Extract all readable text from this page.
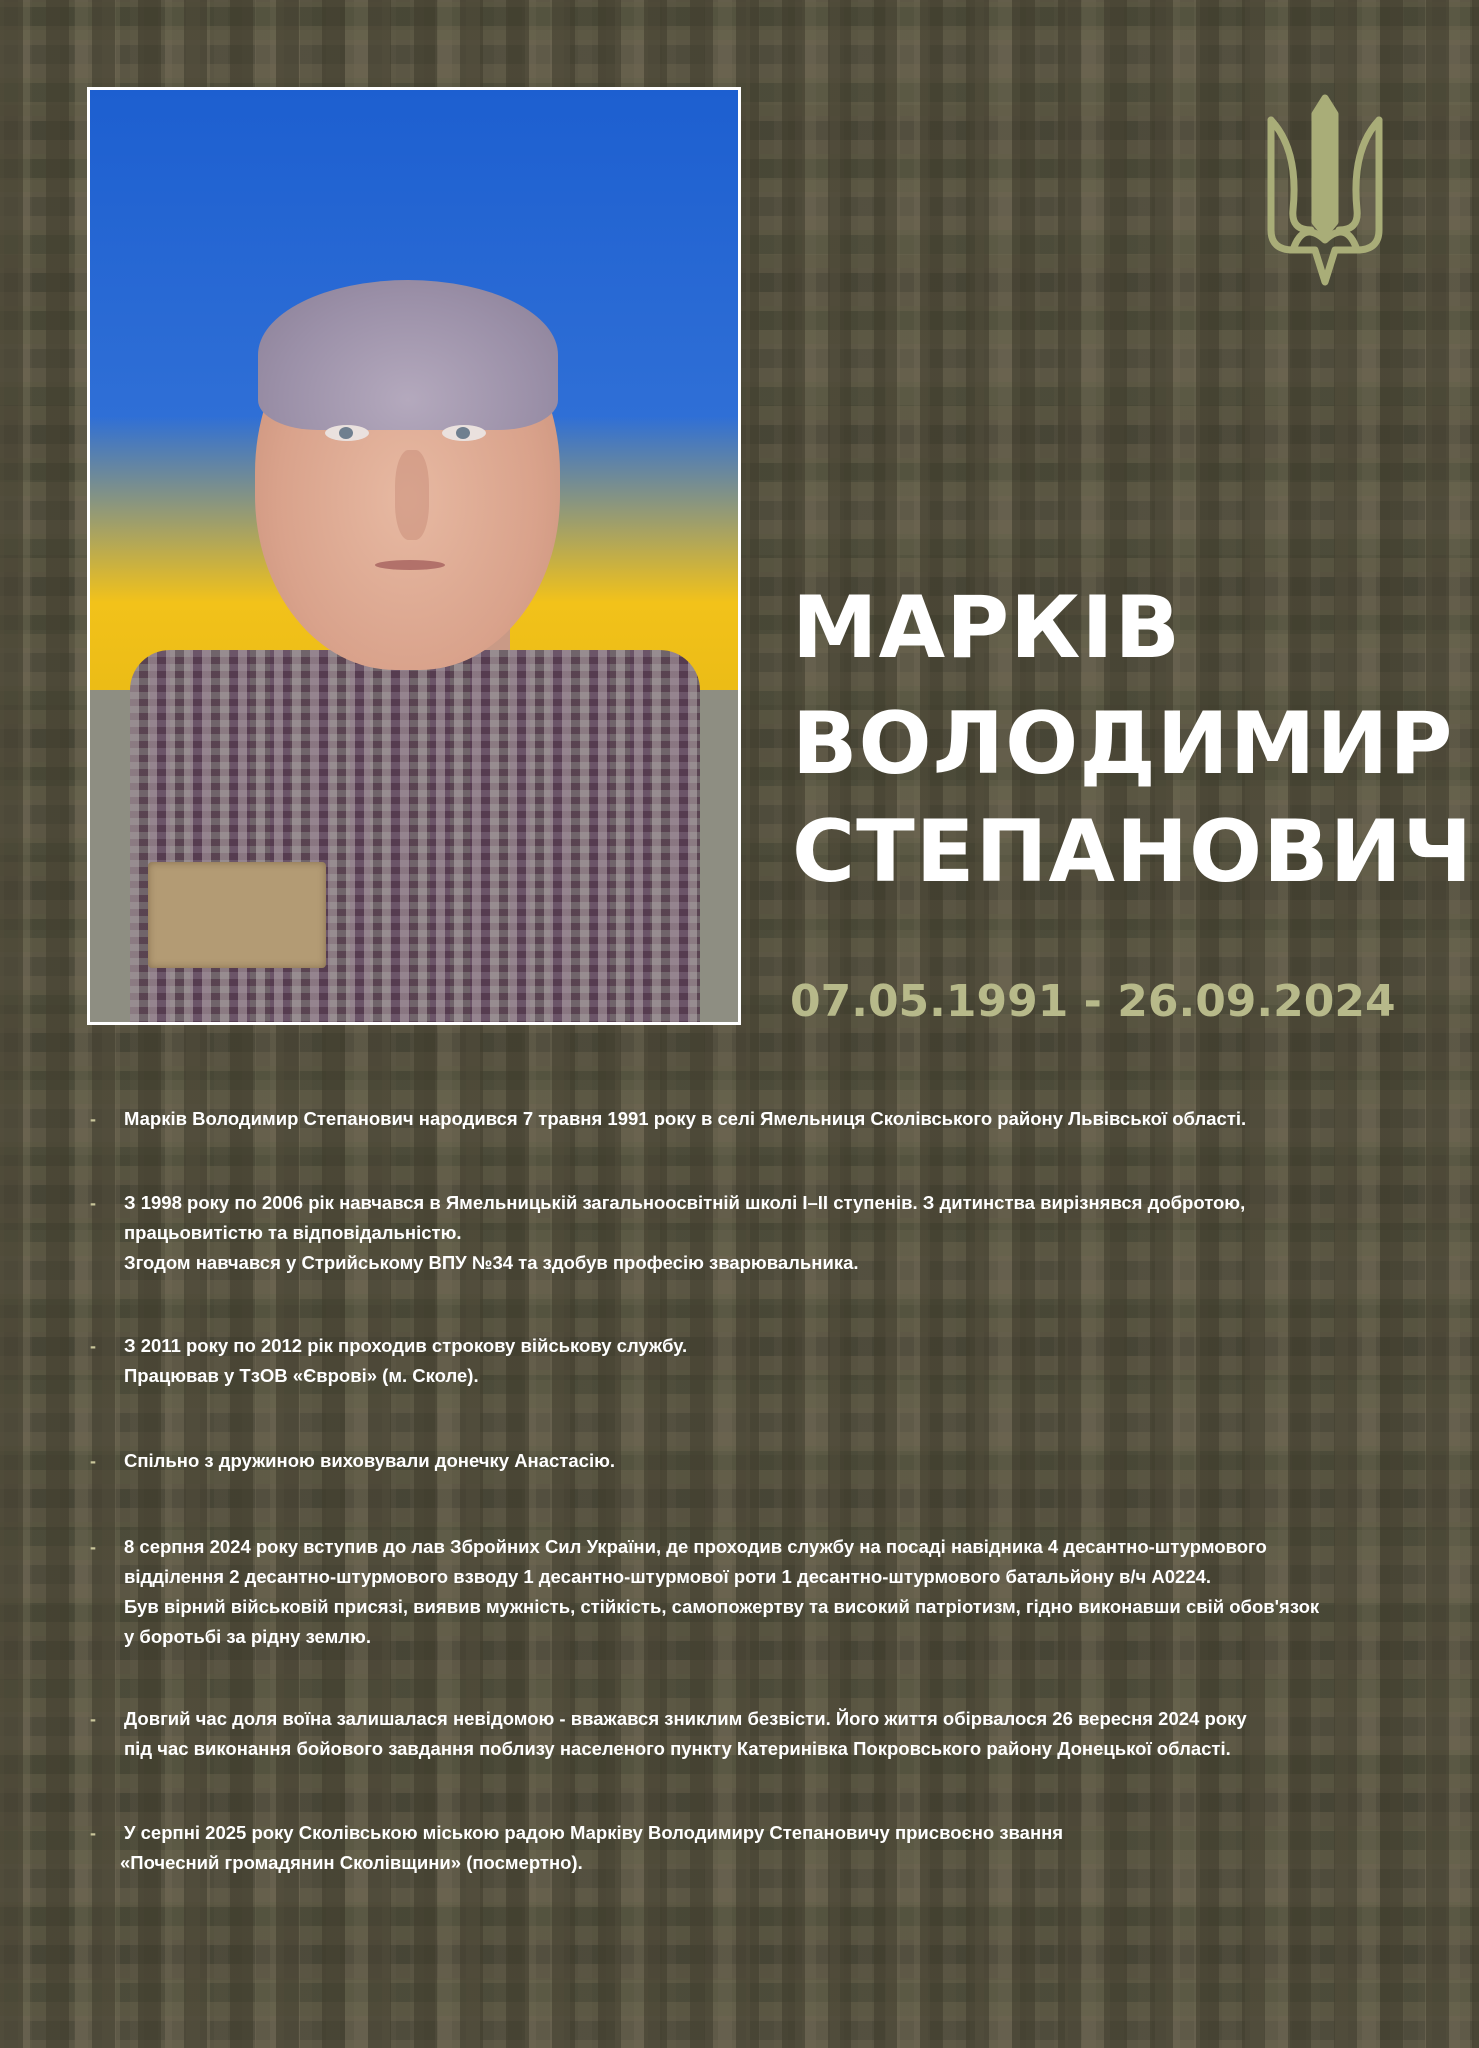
МАРКІВ
ВОЛОДИМИР
СТЕПАНОВИЧ
07.05.1991 - 26.09.2024
- Марків Володимир Степанович народився 7 травня 1991 року в селі Ямельниця Сколівського району Львівської області.
- З 1998 року по 2006 рік навчався в Ямельницькій загальноосвітній школі І–ІІ ступенів. З дитинства вирізнявся добротою,
працьовитістю та відповідальністю.
Згодом навчався у Стрийському ВПУ №34 та здобув професію зварювальника.
- З 2011 року по 2012 рік проходив строкову військову службу.
Працював у ТзОВ «Єврові» (м. Сколе).
- Спільно з дружиною виховували донечку Анастасію.
- 8 серпня 2024 року вступив до лав Збройних Сил України, де проходив службу на посаді навідника 4 десантно-штурмового
відділення 2 десантно-штурмового взводу 1 десантно-штурмової роти 1 десантно-штурмового батальйону в/ч А0224.
Був вірний військовій присязі, виявив мужність, стійкість, самопожертву та високий патріотизм, гідно виконавши свій обов'язок
у боротьбі за рідну землю.
- Довгий час доля воїна залишалася невідомою - вважався зниклим безвісти. Його життя обірвалося 26 вересня 2024 року
під час виконання бойового завдання поблизу населеного пункту Катеринівка Покровського району Донецької області.
- У серпні 2025 року Сколівською міською радою Марківу Володимиру Степановичу присвоєно звання
«Почесний громадянин Сколівщини» (посмертно).
